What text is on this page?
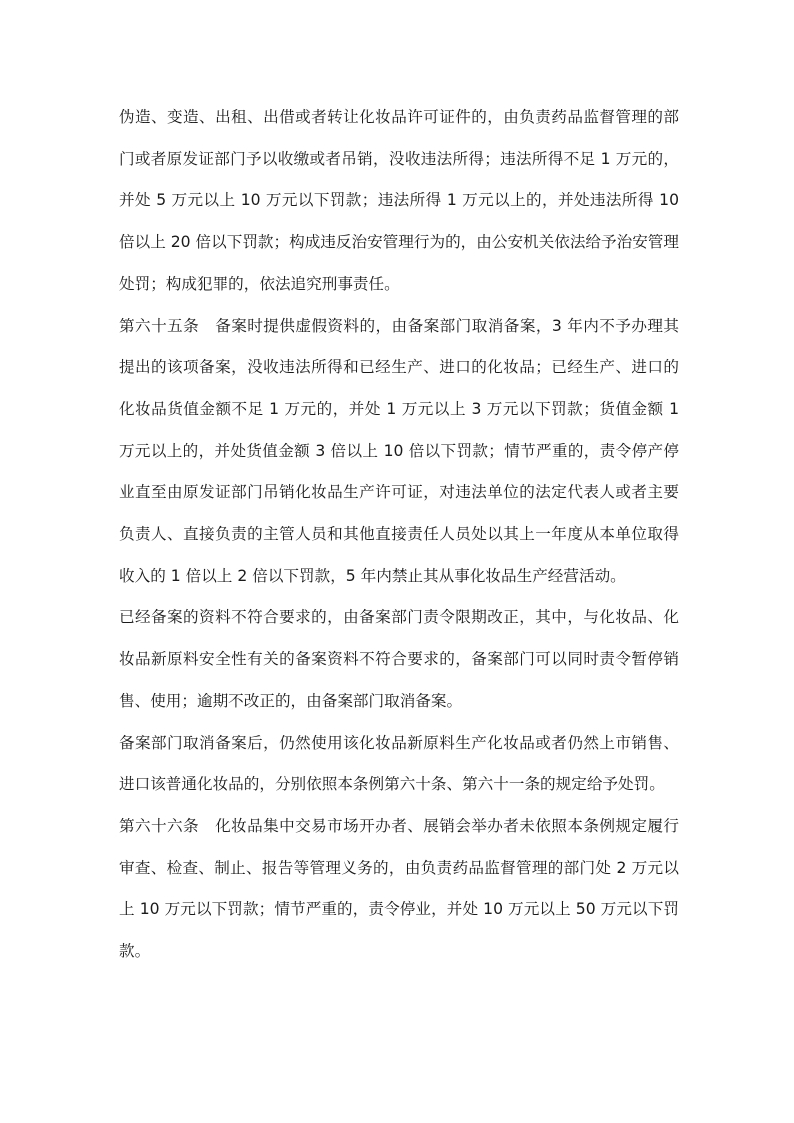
伪造、变造、出租、出借或者转让化妆品许可证件的，由负责药品监督管理的部门或者原发证部门予以收缴或者吊销，没收违法所得；违法所得不足 1 万元的，并处 5 万元以上 10 万元以下罚款；违法所得 1 万元以上的，并处违法所得 10 倍以上 20 倍以下罚款；构成违反治安管理行为的，由公安机关依法给予治安管理处罚；构成犯罪的，依法追究刑事责任。

第六十五条　备案时提供虚假资料的，由备案部门取消备案，3 年内不予办理其提出的该项备案，没收违法所得和已经生产、进口的化妆品；已经生产、进口的化妆品货值金额不足 1 万元的，并处 1 万元以上 3 万元以下罚款；货值金额 1 万元以上的，并处货值金额 3 倍以上 10 倍以下罚款；情节严重的，责令停产停业直至由原发证部门吊销化妆品生产许可证，对违法单位的法定代表人或者主要负责人、直接负责的主管人员和其他直接责任人员处以其上一年度从本单位取得收入的 1 倍以上 2 倍以下罚款，5 年内禁止其从事化妆品生产经营活动。

已经备案的资料不符合要求的，由备案部门责令限期改正，其中，与化妆品、化妆品新原料安全性有关的备案资料不符合要求的，备案部门可以同时责令暂停销售、使用；逾期不改正的，由备案部门取消备案。

备案部门取消备案后，仍然使用该化妆品新原料生产化妆品或者仍然上市销售、进口该普通化妆品的，分别依照本条例第六十条、第六十一条的规定给予处罚。

第六十六条　化妆品集中交易市场开办者、展销会举办者未依照本条例规定履行审查、检查、制止、报告等管理义务的，由负责药品监督管理的部门处 2 万元以上 10 万元以下罚款；情节严重的，责令停业，并处 10 万元以上 50 万元以下罚款。
